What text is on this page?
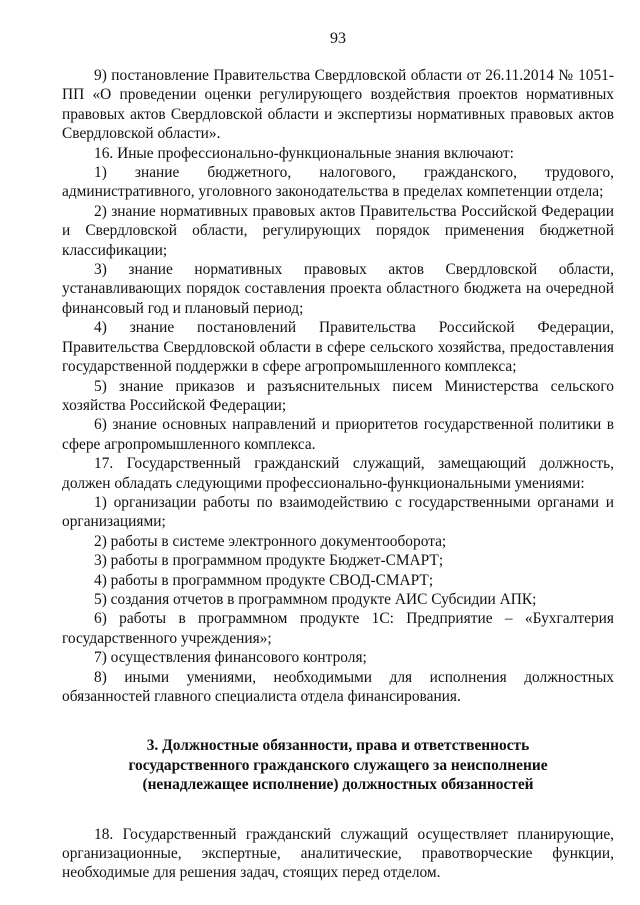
93

9) постановление Правительства Свердловской области от 26.11.2014 № 1051-ПП «О проведении оценки регулирующего воздействия проектов нормативных правовых актов Свердловской области и экспертизы нормативных правовых актов Свердловской области».

16. Иные профессионально-функциональные знания включают:

1) знание бюджетного, налогового, гражданского, трудового, административного, уголовного законодательства в пределах компетенции отдела;

2) знание нормативных правовых актов Правительства Российской Федерации и Свердловской области, регулирующих порядок применения бюджетной классификации;

3) знание нормативных правовых актов Свердловской области, устанавливающих порядок составления проекта областного бюджета на очередной финансовый год и плановый период;

4) знание постановлений Правительства Российской Федерации, Правительства Свердловской области в сфере сельского хозяйства, предоставления государственной поддержки в сфере агропромышленного комплекса;

5) знание приказов и разъяснительных писем Министерства сельского хозяйства Российской Федерации;

6) знание основных направлений и приоритетов государственной политики в сфере агропромышленного комплекса.

17. Государственный гражданский служащий, замещающий должность, должен обладать следующими профессионально-функциональными умениями:

1) организации работы по взаимодействию с государственными органами и организациями;

2) работы в системе электронного документооборота;

3) работы в программном продукте Бюджет-СМАРТ;

4) работы в программном продукте СВОД-СМАРТ;

5) создания отчетов в программном продукте АИС Субсидии АПК;

6) работы в программном продукте 1С: Предприятие – «Бухгалтерия государственного учреждения»;

7) осуществления финансового контроля;

8) иными умениями, необходимыми для исполнения должностных обязанностей главного специалиста отдела финансирования.

3. Должностные обязанности, права и ответственность
государственного гражданского служащего за неисполнение
(ненадлежащее исполнение) должностных обязанностей

18. Государственный гражданский служащий осуществляет планирующие, организационные, экспертные, аналитические, правотворческие функции, необходимые для решения задач, стоящих перед отделом.
